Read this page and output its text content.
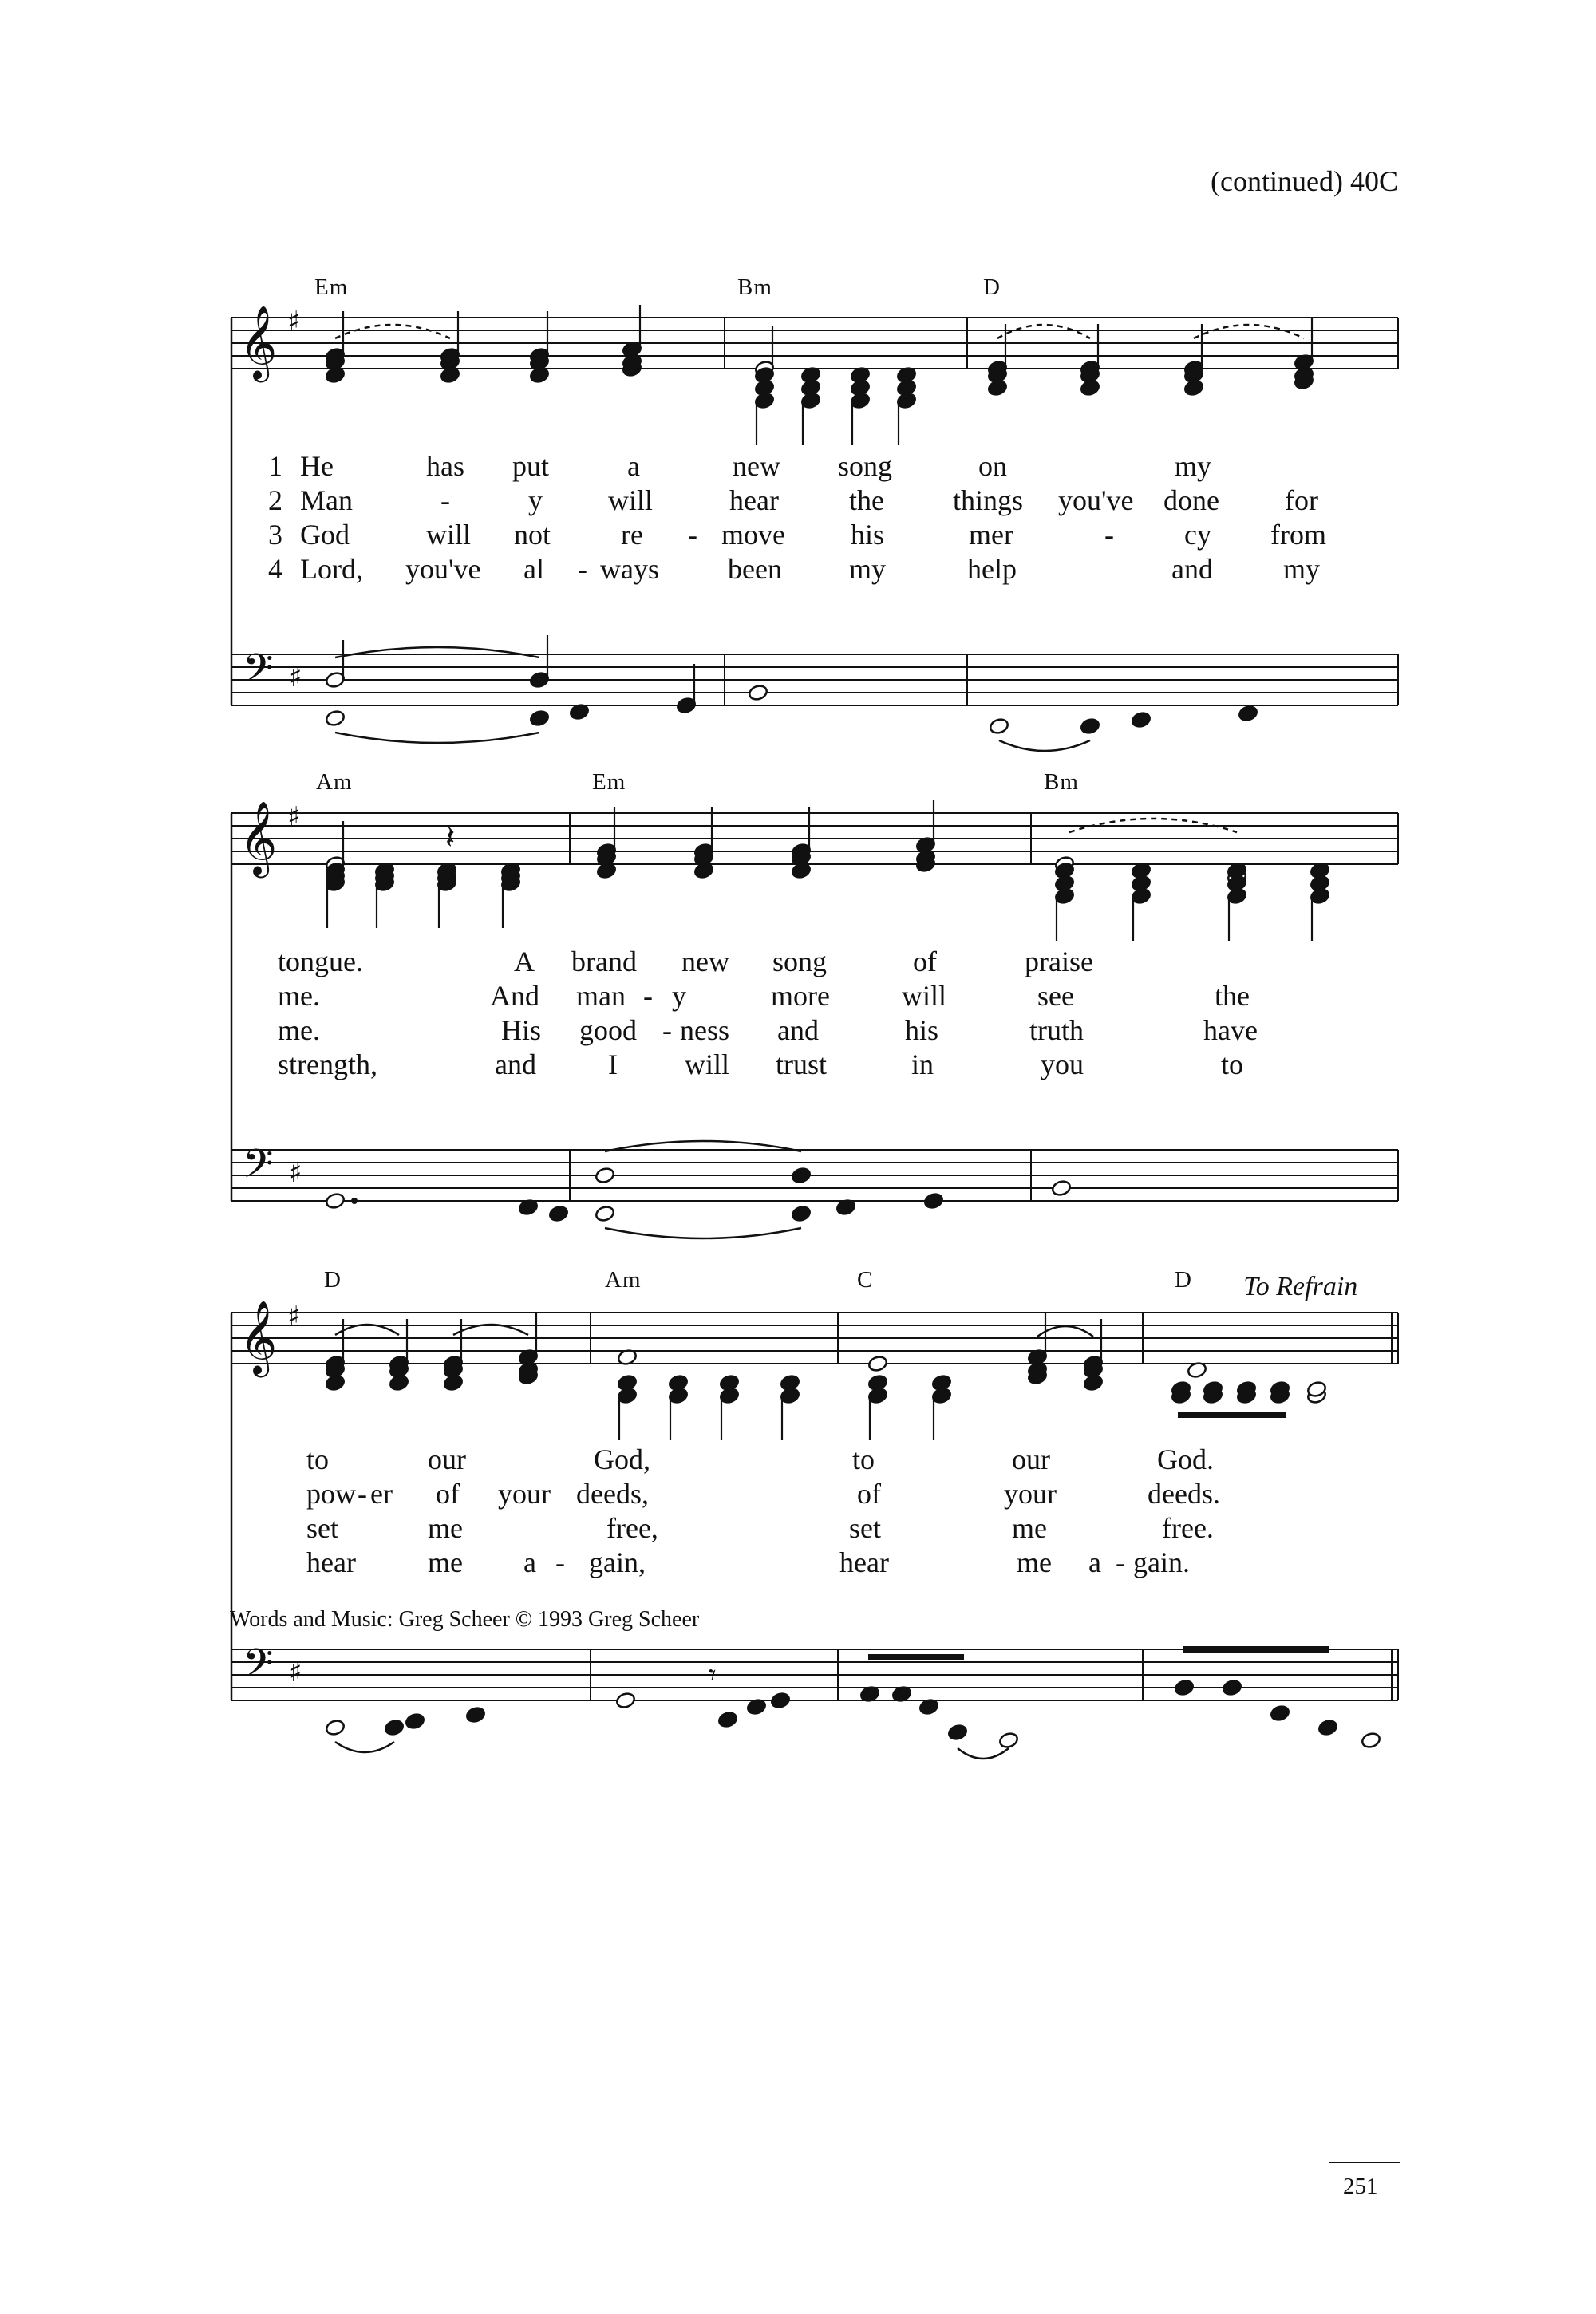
(continued) 40C
𝄞
𝄢
♯
♯
𝄞
𝄢
♯
♯
𝄞
𝄢
♯
♯
𝄽
𝄾
Em	Bm	D
Am	Em	Bm
D	Am	C	D To Refrain
1 He	has put	a	new song	on	my
2 Man	-	y will	hear the things you've done for
3 God	will not re - move his	mer	- cy from
4 Lord, you've al - ways been my	help	and my
tongue.	A brand new song	of	praise
me.	And man - y	more	will	see	the
me.	His good - ness and	his	truth	have
strength,	and	I will trust	in	you	to
to	our	God,	to	our	God.
pow - er of your deeds,	of	your	deeds.
set	me	free,	set	me	free.
hear	me a - gain,	hear	me a - gain.
Words and Music: Greg Scheer © 1993 Greg Scheer
251
